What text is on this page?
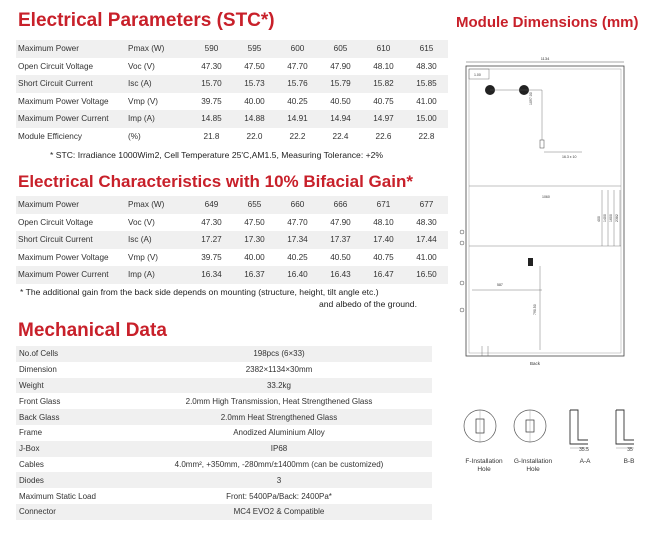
Electrical Parameters (STC*)
Maximum Power	Pmax (W)	590	595	600	605	610	615
Open Circuit Voltage	Voc (V)	47.30	47.50	47.70	47.90	48.10	48.30
Short Circuit Current	Isc (A)	15.70	15.73	15.76	15.79	15.82	15.85
Maximum Power Voltage	Vmp (V)	39.75	40.00	40.25	40.50	40.75	41.00
Maximum Power Current	Imp (A)	14.85	14.88	14.91	14.94	14.97	15.00
Module Efficiency	(%)	21.8	22.0	22.2	22.4	22.6	22.8
* STC: Irradiance 1000Wim2, Cell Temperature 25'C,AM1.5, Measuring Tolerance: +2%
Electrical Characteristics with 10% Bifacial Gain*
Maximum Power	Pmax (W)	649	655	660	666	671	677
Open Circuit Voltage	Voc (V)	47.30	47.50	47.70	47.90	48.10	48.30
Short Circuit Current	Isc (A)	17.27	17.30	17.34	17.37	17.40	17.44
Maximum Power Voltage	Vmp (V)	39.75	40.00	40.25	40.50	40.75	41.00
Maximum Power Current	Imp (A)	16.34	16.37	16.40	16.43	16.47	16.50
* The additional gain from the back side depends on mounting (structure, height, tilt angle etc.)
and albedo of the ground.
Mechanical Data
No.of Cells	198pcs (6×33)
Dimension	2382×1134×30mm
Weight	33.2kg
Front Glass	2.0mm High Transmission, Heat Strengthened Glass
Back Glass	2.0mm Heat Strengthened Glass
Frame	Anodized Aluminium Alloy
J-Box	IP68
Cables	4.0mm², +350mm, -280mm/±1400mm (can be customized)
Diodes	3
Maximum Static Load	Front: 5400Pa/Back: 2400Pa*
Connector	MC4 EVO2 & Compatible
Module Dimensions (mm)
1134
1.00
1097.00
16.3 x 10
1060
400 1400 1600 2382
587
790.50
Back
35.5	35
F-Installation
Hole
G-Installation
Hole
A-A	B-B
